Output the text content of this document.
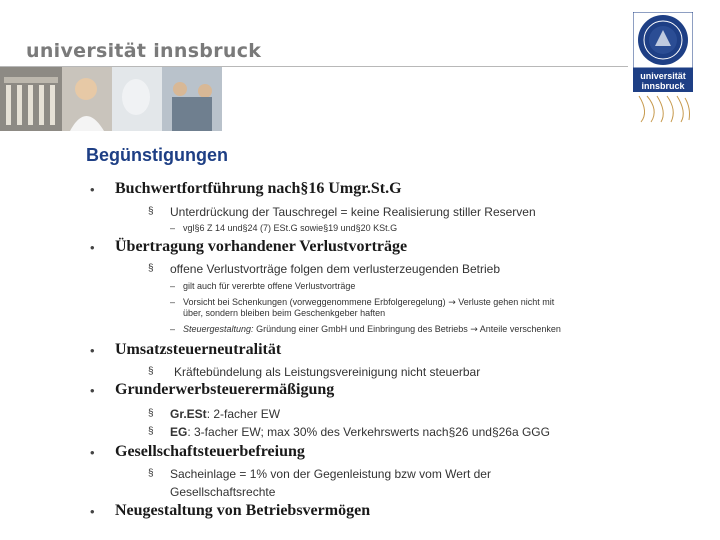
universität innsbruck
universität
innsbruck
Begünstigungen
• Buchwertfortführung nach§16 Umgr.St.G
§ Unterdrückung der Tauschregel = keine Realisierung stiller Reserven
– vgl§6 Z 14 und§24 (7) ESt.G sowie§19 und§20 KSt.G
• Übertragung vorhandener Verlustvorträge
§ offene Verlustvorträge folgen dem verlusterzeugenden Betrieb
– gilt auch für vererbte offene Verlustvorträge
– Vorsicht bei Schenkungen (vorweggenommene Erbfolgeregelung) → Verluste gehen nicht mit
über, sondern bleiben beim Geschenkgeber haften
– Steuergestaltung: Gründung einer GmbH und Einbringung des Betriebs → Anteile verschenken
• Umsatzsteuerneutralität
§ Kräftebündelung als Leistungsvereinigung nicht steuerbar
• Grunderwerbsteuerermäßigung
§ Gr.ESt: 2-facher EW
§ EG: 3-facher EW; max 30% des Verkehrswerts nach§26 und§26a GGG
• Gesellschaftsteuerbefreiung
§ Sacheinlage = 1% von der Gegenleistung bzw vom Wert der
Gesellschaftsrechte
• Neugestaltung von Betriebsvermögen
